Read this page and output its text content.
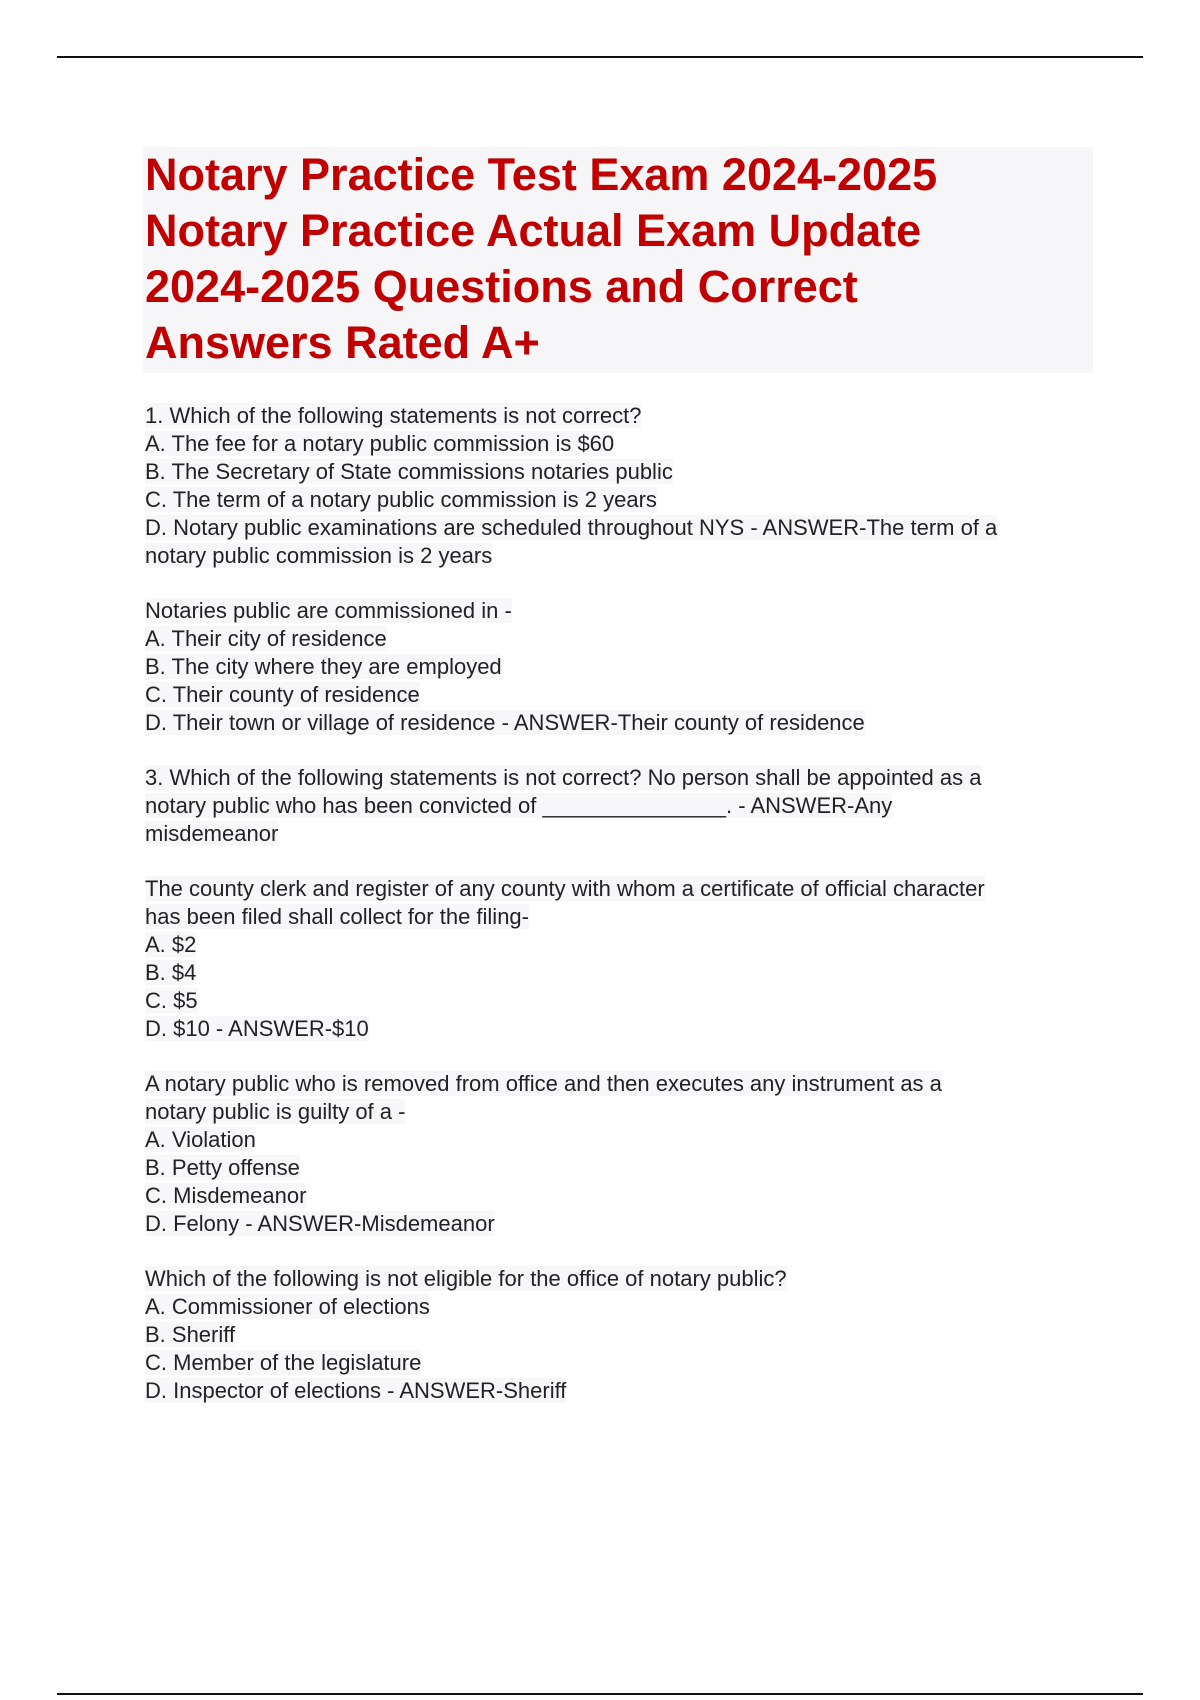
Notary Practice Test Exam 2024-2025
Notary Practice Actual Exam Update
2024-2025 Questions and Correct
Answers Rated A+
1. Which of the following statements is not correct?
A. The fee for a notary public commission is $60
B. The Secretary of State commissions notaries public
C. The term of a notary public commission is 2 years
D. Notary public examinations are scheduled throughout NYS - ANSWER-The term of a
notary public commission is 2 years
Notaries public are commissioned in -
A. Their city of residence
B. The city where they are employed
C. Their county of residence
D. Their town or village of residence - ANSWER-Their county of residence
3. Which of the following statements is not correct? No person shall be appointed as a
notary public who has been convicted of _______________. - ANSWER-Any
misdemeanor
The county clerk and register of any county with whom a certificate of official character
has been filed shall collect for the filing-
A. $2
B. $4
C. $5
D. $10 - ANSWER-$10
A notary public who is removed from office and then executes any instrument as a
notary public is guilty of a -
A. Violation
B. Petty offense
C. Misdemeanor
D. Felony - ANSWER-Misdemeanor
Which of the following is not eligible for the office of notary public?
A. Commissioner of elections
B. Sheriff
C. Member of the legislature
D. Inspector of elections - ANSWER-Sheriff
